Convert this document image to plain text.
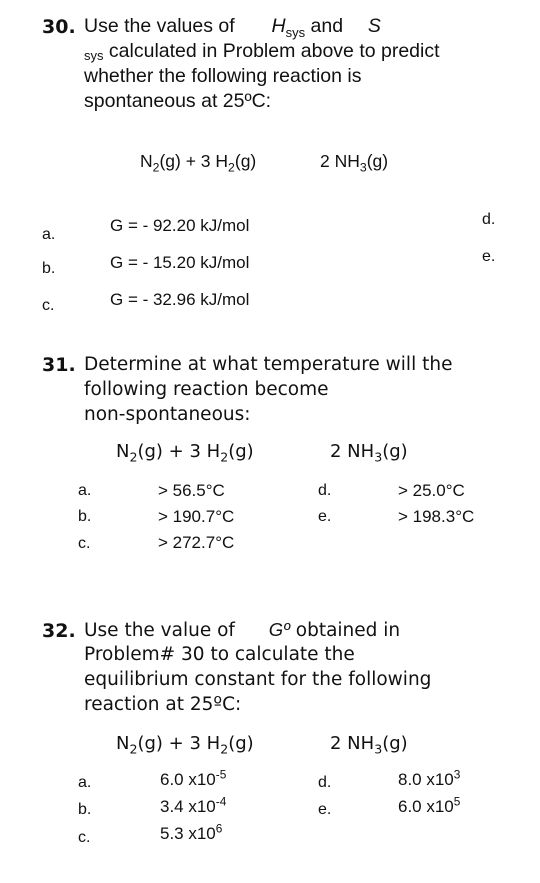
30. Use the values of $H_{sys}$ and S
sys calculated in Problem above to predict
whether the following reaction is
spontaneous at 25ºC:
$N_2(g) + 3$ $H_2(g)$	2 $NH_3(g)$
a.	G = - 92.20 kJ/mol
b.	G = - 15.20 kJ/mol
c.	G = - 32.96 kJ/mol
d.
e.
31. Determine at what temperature will the
following reaction become
non-spontaneous:
$N_2(g) + 3$ $H_2(g)$	2 $NH_3(g)$
a.	> 56.5°C
b.	> 190.7°C
c.	> 272.7°C
d.	> 25.0°C
e.	> 198.3°C
32. Use the value of Gº obtained in
Problem# 30 to calculate the
equilibrium constant for the following
reaction at 25ºC:
$N_2(g) + 3$ $H_2(g)$	2 $NH_3(g)$
a.	6.0 $x10^{-5}$
b.	3.4 $x10^{-4}$
c.	5.3 $x10^6$
d.	8.0 $x10^3$
e.	6.0 $x10^5$
